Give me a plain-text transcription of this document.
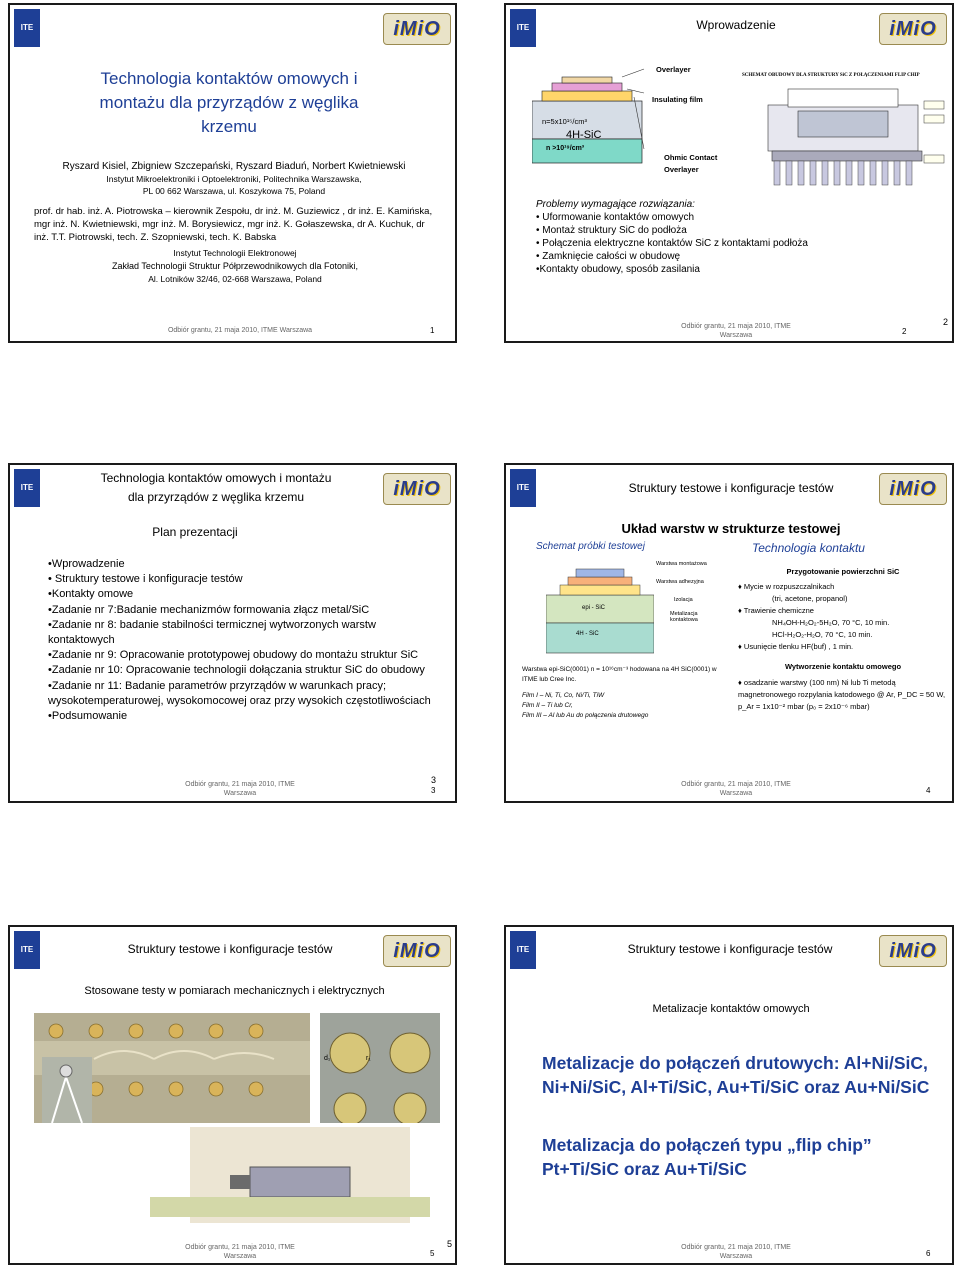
ITE	iMiO
Technologia kontaktów omowych i montażu dla przyrządów z węglika krzemu
Ryszard Kisiel, Zbigniew Szczepański, Ryszard Biaduń, Norbert Kwietniewski
Instytut Mikroelektroniki i Optoelektroniki, Politechnika Warszawska,
PL 00 662 Warszawa, ul. Koszykowa 75, Poland
prof. dr hab. inż. A. Piotrowska – kierownik Zespołu, dr inż. M. Guziewicz , dr inż. E. Kamińska, mgr inż. N. Kwietniewski, mgr inż. M. Borysiewicz, mgr inż. K. Gołaszewska, dr A. Kuchuk, dr inż. T.T. Piotrowski, tech. Z. Szopniewski, tech. K. Babska
Instytut Technologii Elektronowej
Zakład Technologii Struktur Półprzewodnikowych dla Fotoniki,
Al. Lotników 32/46, 02-668 Warszawa, Poland
Odbiór grantu, 21 maja 2010, ITME Warszawa	1
ITE	Wprowadzenie	iMiO
Overlayer
Insulating film
n=5x10¹⁵/cm³
4H-SiC
n >10¹⁹/cm³
Ohmic Contact
Overlayer
SCHEMAT OBUDOWY DLA STRUKTURY SiC Z POŁĄCZENIAMI FLIP CHIP
Problemy wymagające rozwiązania:
• Uformowanie kontaktów omowych
• Montaż struktury SiC do podłoża
• Połączenia elektryczne kontaktów SiC z kontaktami podłoża
• Zamknięcie całości w obudowę
•Kontakty obudowy, sposób zasilania
Odbiór grantu, 21 maja 2010, ITME
Warszawa	2
2
ITE
Technologia kontaktów omowych i montażu
dla przyrządów z węglika krzemu	iMiO
Plan prezentacji
•Wprowadzenie
• Struktury testowe i konfiguracje testów
•Kontakty omowe
•Zadanie nr 7:Badanie mechanizmów formowania złącz metal/SiC
•Zadanie nr 8: badanie stabilności termicznej wytworzonych warstw kontaktowych
•Zadanie nr 9: Opracowanie prototypowej obudowy do montażu struktur SiC
•Zadanie nr 10: Opracowanie technologii dołączania struktur SiC do obudowy
•Zadanie nr 11: Badanie parametrów przyrządów w warunkach pracy; wysokotemperaturowej, wysokomocowej oraz przy wysokich częstotliwościach
•Podsumowanie
Odbiór grantu, 21 maja 2010, ITME
Warszawa
3
3
ITE	Struktury testowe i konfiguracje testów	iMiO
Układ warstw w strukturze testowej
Schemat próbki testowej	Technologia kontaktu
Warstwa montażowa
Warstwa adhezyjna
Izolacja
Metalizacja kontaktowa
epi - SiC
4H - SiC
Warstwa epi-SiC(0001) n = 10¹⁶cm⁻³ hodowana na 4H SiC(0001) w ITME lub Cree Inc.
Film I – Ni, Ti, Co, Ni/Ti, TiW
Film II – Ti lub Cr,
Film III – Al lub Au do połączenia drutowego
Przygotowanie powierzchni SiC
♦ Mycie w rozpuszczalnikach
(tri, acetone, propanol)
♦ Trawienie chemiczne
NH₄OH-H₂O₂-5H₂O, 70 °C, 10 min.
HCl-H₂O₂-H₂O, 70 °C, 10 min.
♦ Usunięcie tlenku HF(buf) , 1 min.
Wytworzenie kontaktu omowego
♦ osadzanie warstwy (100 nm) Ni lub Ti metodą magnetronowego rozpylania katodowego @ Ar, P_DC = 50 W, p_Ar = 1x10⁻² mbar (p₀ = 2x10⁻⁶ mbar)
Odbiór grantu, 21 maja 2010, ITME
Warszawa	4
ITE	Struktury testowe i konfiguracje testów	iMiO
Stosowane testy w pomiarach mechanicznych i elektrycznych
d₁	r₁
Odbiór grantu, 21 maja 2010, ITME
Warszawa	5
5
ITE	Struktury testowe i konfiguracje testów	iMiO
Metalizacje kontaktów omowych
Metalizacje do połączeń drutowych: Al+Ni/SiC, Ni+Ni/SiC, Al+Ti/SiC, Au+Ti/SiC oraz Au+Ni/SiC
Metalizacja do połączeń typu „flip chip” Pt+Ti/SiC oraz Au+Ti/SiC
Odbiór grantu, 21 maja 2010, ITME
Warszawa	6
